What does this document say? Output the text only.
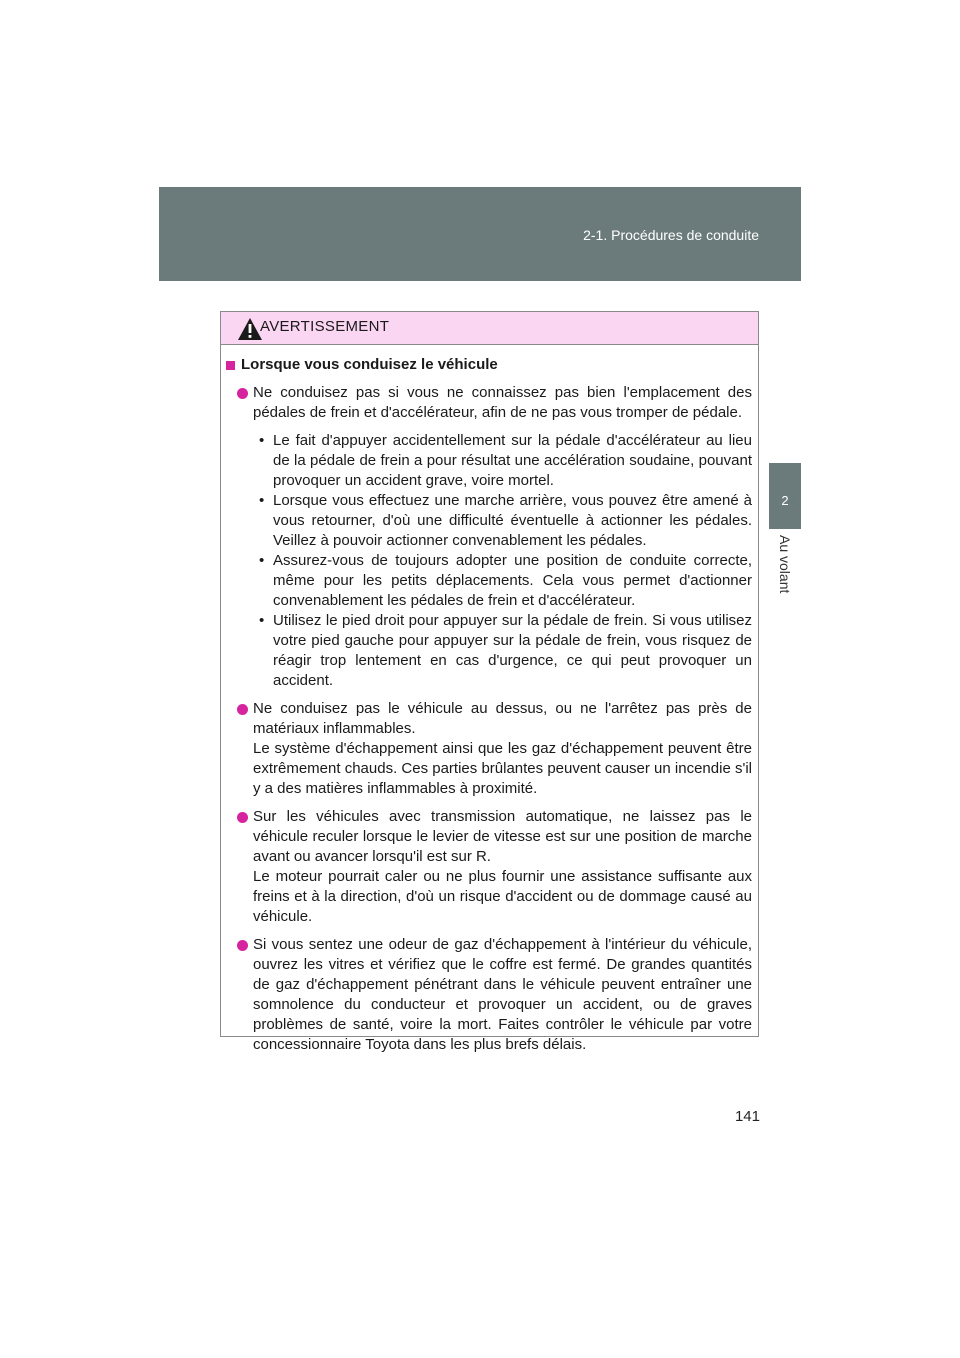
2-1. Procédures de conduite
2
Au volant
AVERTISSEMENT
Lorsque vous conduisez le véhicule
Ne conduisez pas si vous ne connaissez pas bien l'emplacement des pédales de frein et d'accélérateur, afin de ne pas vous tromper de pédale.
• Le fait d'appuyer accidentellement sur la pédale d'accélérateur au lieu de la pédale de frein a pour résultat une accélération soudaine, pouvant provoquer un accident grave, voire mortel.
• Lorsque vous effectuez une marche arrière, vous pouvez être amené à vous retourner, d'où une difficulté éventuelle à actionner les pédales. Veillez à pouvoir actionner convenablement les pédales.
• Assurez-vous de toujours adopter une position de conduite correcte, même pour les petits déplacements. Cela vous permet d'actionner convenablement les pédales de frein et d'accélérateur.
• Utilisez le pied droit pour appuyer sur la pédale de frein. Si vous utilisez votre pied gauche pour appuyer sur la pédale de frein, vous risquez de réagir trop lentement en cas d'urgence, ce qui peut provoquer un accident.
Ne conduisez pas le véhicule au dessus, ou ne l'arrêtez pas près de matériaux inflammables.
Le système d'échappement ainsi que les gaz d'échappement peuvent être extrêmement chauds. Ces parties brûlantes peuvent causer un incendie s'il y a des matières inflammables à proximité.
Sur les véhicules avec transmission automatique, ne laissez pas le véhicule reculer lorsque le levier de vitesse est sur une position de marche avant ou avancer lorsqu'il est sur R.
Le moteur pourrait caler ou ne plus fournir une assistance suffisante aux freins et à la direction, d'où un risque d'accident ou de dommage causé au véhicule.
Si vous sentez une odeur de gaz d'échappement à l'intérieur du véhicule, ouvrez les vitres et vérifiez que le coffre est fermé. De grandes quantités de gaz d'échappement pénétrant dans le véhicule peuvent entraîner une somnolence du conducteur et provoquer un accident, ou de graves problèmes de santé, voire la mort. Faites contrôler le véhicule par votre concessionnaire Toyota dans les plus brefs délais.
141
